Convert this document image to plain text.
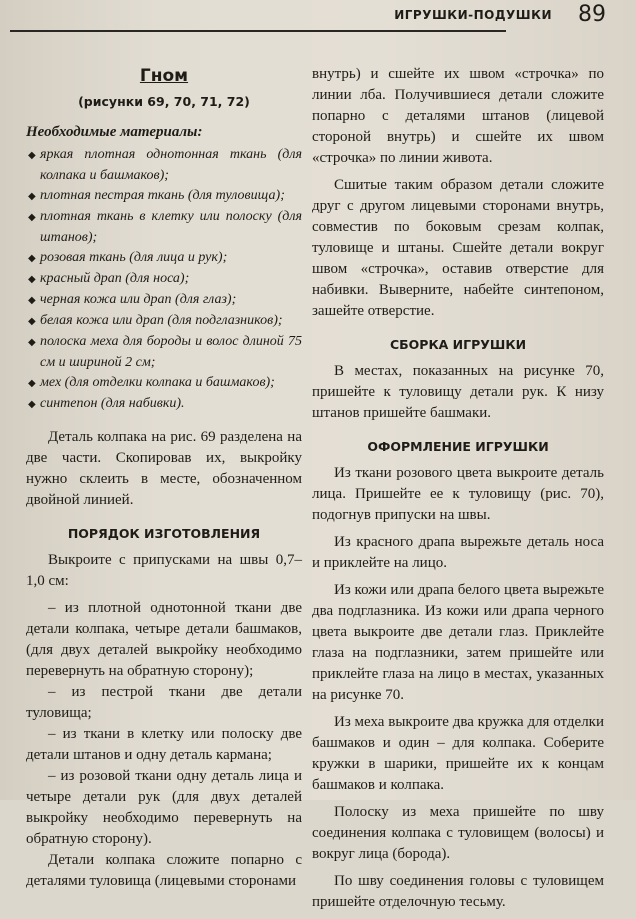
ИГРУШКИ-ПОДУШКИ 89
Гном
(рисунки 69, 70, 71, 72)
Необходимые материалы:
◆ яркая плотная однотонная ткань (для колпака и башмаков);
◆ плотная пестрая ткань (для туловища);
◆ плотная ткань в клетку или полоску (для штанов);
◆ розовая ткань (для лица и рук);
◆ красный драп (для носа);
◆ черная кожа или драп (для глаз);
◆ белая кожа или драп (для подглазников);
◆ полоска меха для бороды и волос длиной 75 см и шириной 2 см;
◆ мех (для отделки колпака и башмаков);
◆ синтепон (для набивки).

Деталь колпака на рис. 69 разделена на две части. Скопировав их, выкройку нужно склеить в месте, обозначенном двойной линией.

ПОРЯДОК ИЗГОТОВЛЕНИЯ

Выкроите с припусками на швы 0,7–1,0 см:

– из плотной однотонной ткани две детали колпака, четыре детали башмаков, (для двух деталей выкройку необходимо перевернуть на обратную сторону);

– из пестрой ткани две детали туловища;

– из ткани в клетку или полоску две детали штанов и одну деталь кармана;

– из розовой ткани одну деталь лица и четыре детали рук (для двух деталей выкройку необходимо перевернуть на обратную сторону).

Детали колпака сложите попарно с деталями туловища (лицевыми сторонами

внутрь) и сшейте их швом «строчка» по линии лба. Получившиеся детали сложите попарно с деталями штанов (лицевой стороной внутрь) и сшейте их швом «строчка» по линии живота.

Сшитые таким образом детали сложите друг с другом лицевыми сторонами внутрь, совместив по боковым срезам колпак, туловище и штаны. Сшейте детали вокруг швом «строчка», оставив отверстие для набивки. Выверните, набейте синтепоном, зашейте отверстие.

СБОРКА ИГРУШКИ

В местах, показанных на рисунке 70, пришейте к туловищу детали рук. К низу штанов пришейте башмаки.

ОФОРМЛЕНИЕ ИГРУШКИ

Из ткани розового цвета выкроите деталь лица. Пришейте ее к туловищу (рис. 70), подогнув припуски на швы.

Из красного драпа вырежьте деталь носа и приклейте на лицо.

Из кожи или драпа белого цвета вырежьте два подглазника. Из кожи или драпа черного цвета выкроите две детали глаз. Приклейте глаза на подглазники, затем пришейте или приклейте глаза на лицо в местах, указанных на рисунке 70.

Из меха выкроите два кружка для отделки башмаков и один – для колпака. Соберите кружки в шарики, пришейте их к концам башмаков и колпака.

Полоску из меха пришейте по шву соединения колпака с туловищем (волосы) и вокруг лица (борода).

По шву соединения головы с туловищем пришейте отделочную тесьму.
